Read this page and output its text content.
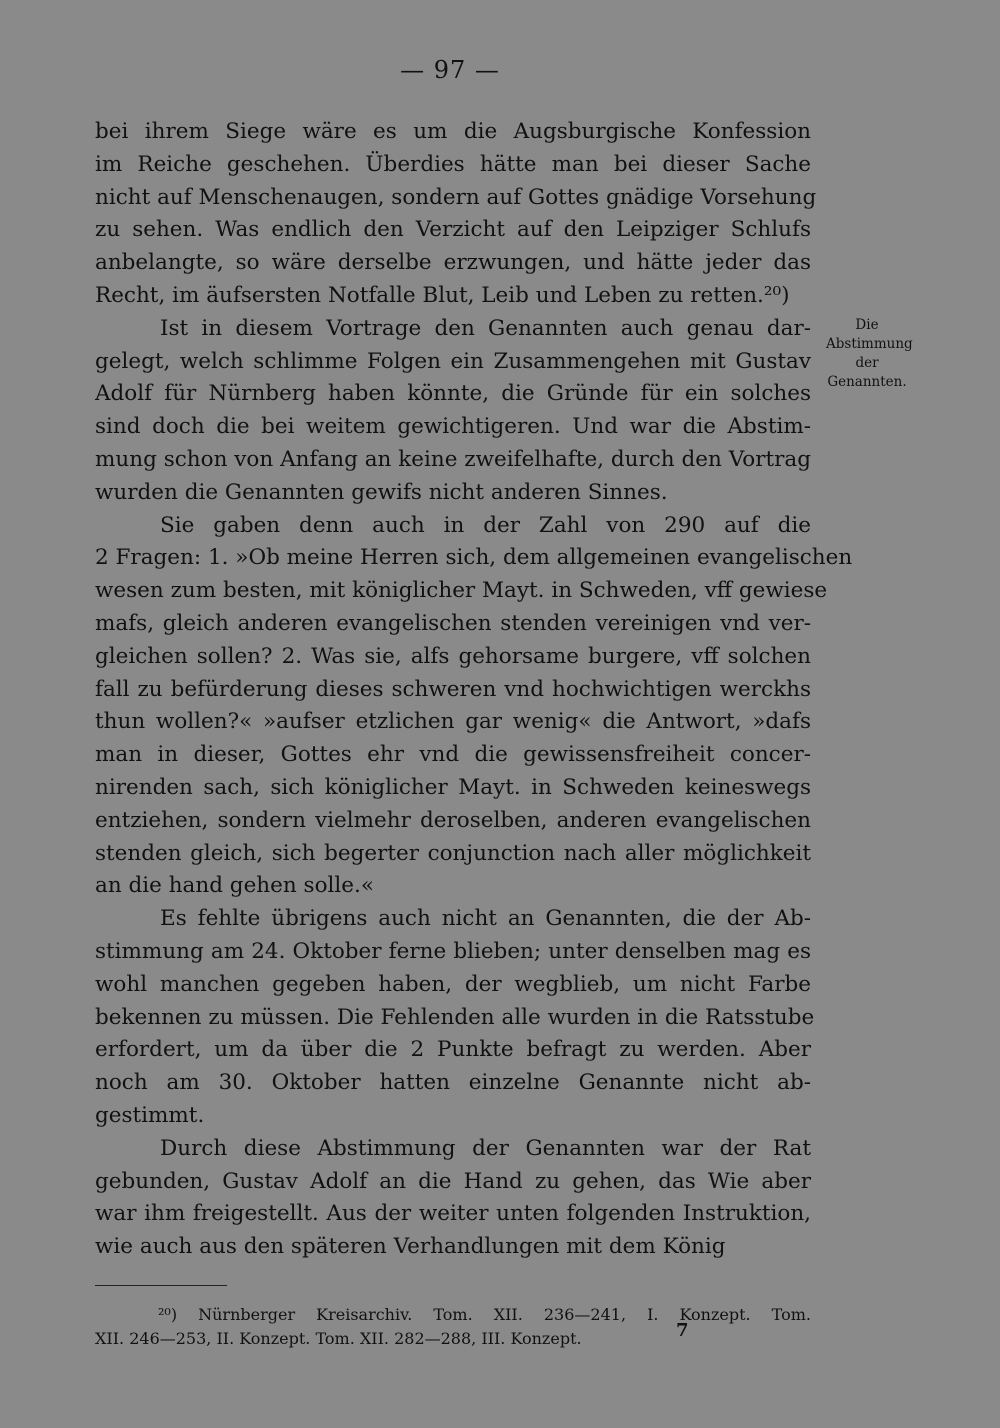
— 97 —

bei ihrem Siege wäre es um die Augsburgische Konfession
im Reiche geschehen. Überdies hätte man bei dieser Sache
nicht auf Menschenaugen, sondern auf Gottes gnädige Vorsehung
zu sehen. Was endlich den Verzicht auf den Leipziger Schlufs
anbelangte, so wäre derselbe erzwungen, und hätte jeder das
Recht, im äufsersten Notfalle Blut, Leib und Leben zu retten.²⁰)

Ist in diesem Vortrage den Genannten auch genau dar-
gelegt, welch schlimme Folgen ein Zusammengehen mit Gustav
Adolf für Nürnberg haben könnte, die Gründe für ein solches
sind doch die bei weitem gewichtigeren. Und war die Abstim-
mung schon von Anfang an keine zweifelhafte, durch den Vortrag
wurden die Genannten gewifs nicht anderen Sinnes.

Sie gaben denn auch in der Zahl von 290 auf die
2 Fragen: 1. »Ob meine Herren sich, dem allgemeinen evangelischen
wesen zum besten, mit königlicher Mayt. in Schweden, vff gewiese
mafs, gleich anderen evangelischen stenden vereinigen vnd ver-
gleichen sollen? 2. Was sie, alfs gehorsame burgere, vff solchen
fall zu befürderung dieses schweren vnd hochwichtigen werckhs
thun wollen?« »aufser etzlichen gar wenig« die Antwort, »dafs
man in dieser, Gottes ehr vnd die gewissensfreiheit concer-
nirenden sach, sich königlicher Mayt. in Schweden keineswegs
entziehen, sondern vielmehr deroselben, anderen evangelischen
stenden gleich, sich begerter conjunction nach aller möglichkeit
an die hand gehen solle.«

Es fehlte übrigens auch nicht an Genannten, die der Ab-
stimmung am 24. Oktober ferne blieben; unter denselben mag es
wohl manchen gegeben haben, der wegblieb, um nicht Farbe
bekennen zu müssen. Die Fehlenden alle wurden in die Ratsstube
erfordert, um da über die 2 Punkte befragt zu werden. Aber
noch am 30. Oktober hatten einzelne Genannte nicht ab-
gestimmt.

Durch diese Abstimmung der Genannten war der Rat
gebunden, Gustav Adolf an die Hand zu gehen, das Wie aber
war ihm freigestellt. Aus der weiter unten folgenden Instruktion,
wie auch aus den späteren Verhandlungen mit dem König

Die
Abstimmung
der
Genannten.
²⁰) Nürnberger Kreisarchiv. Tom. XII. 236—241, I. Konzept. Tom.
XII. 246—253, II. Konzept. Tom. XII. 282—288, III. Konzept.	7
